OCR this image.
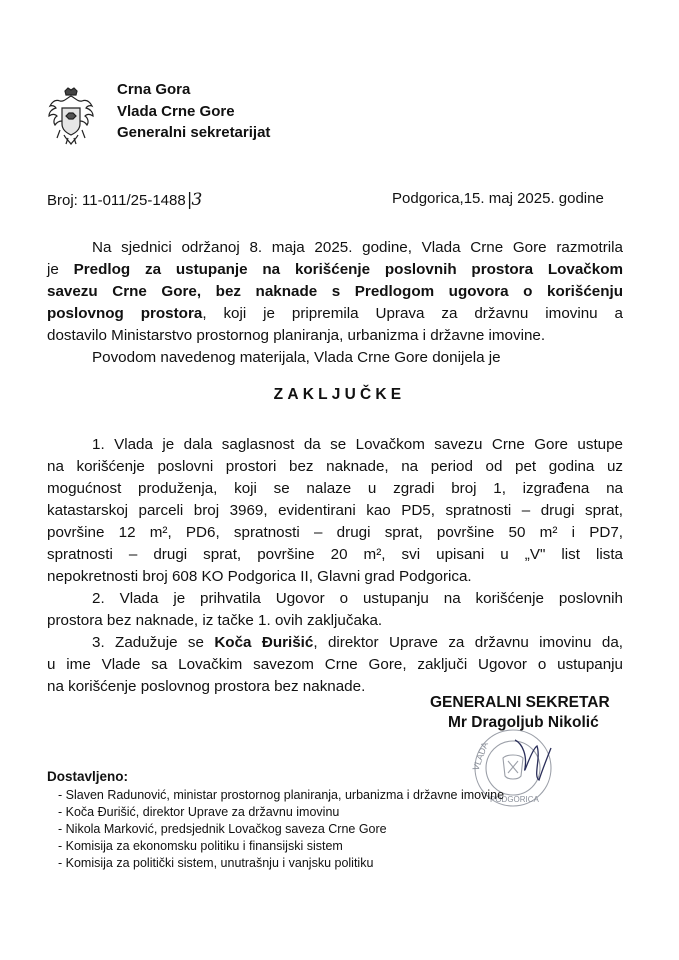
Crna Gora
Vlada Crne Gore
Generalni sekretarijat
Broj: 11-011/25-1488|3	Podgorica,15. maj 2025. godine
Na sjednici održanoj 8. maja 2025. godine, Vlada Crne Gore razmotrila
je Predlog za ustupanje na korišćenje poslovnih prostora Lovačkom
savezu Crne Gore, bez naknade s Predlogom ugovora o korišćenju
poslovnog prostora, koji je pripremila Uprava za državnu imovinu a
dostavilo Ministarstvo prostornog planiranja, urbanizma i državne imovine.
Povodom navedenog materijala, Vlada Crne Gore donijela je
ZAKLJUČKE
1. Vlada je dala saglasnost da se Lovačkom savezu Crne Gore ustupe
na korišćenje poslovni prostori bez naknade, na period od pet godina uz
mogućnost produženja, koji se nalaze u zgradi broj 1, izgrađena na
katastarskoj parceli broj 3969, evidentirani kao PD5, spratnosti – drugi sprat,
površine 12 m², PD6, spratnosti – drugi sprat, površine 50 m² i PD7,
spratnosti – drugi sprat, površine 20 m², svi upisani u „V" list lista
nepokretnosti broj 608 KO Podgorica II, Glavni grad Podgorica.
2. Vlada je prihvatila Ugovor o ustupanju na korišćenje poslovnih
prostora bez naknade, iz tačke 1. ovih zaključaka.
3. Zadužuje se Koča Đurišić, direktor Uprave za državnu imovinu da,
u ime Vlade sa Lovačkim savezom Crne Gore, zaključi Ugovor o ustupanju
na korišćenje poslovnog prostora bez naknade.
VLADA
PODGORICA
GENERALNI SEKRETAR
Mr Dragoljub Nikolić
Dostavljeno:
- Slaven Radunović, ministar prostornog planiranja, urbanizma i državne imovine
- Koča Đurišić, direktor Uprave za državnu imovinu
- Nikola Marković, predsjednik Lovačkog saveza Crne Gore
- Komisija za ekonomsku politiku i finansijski sistem
- Komisija za politički sistem, unutrašnju i vanjsku politiku
